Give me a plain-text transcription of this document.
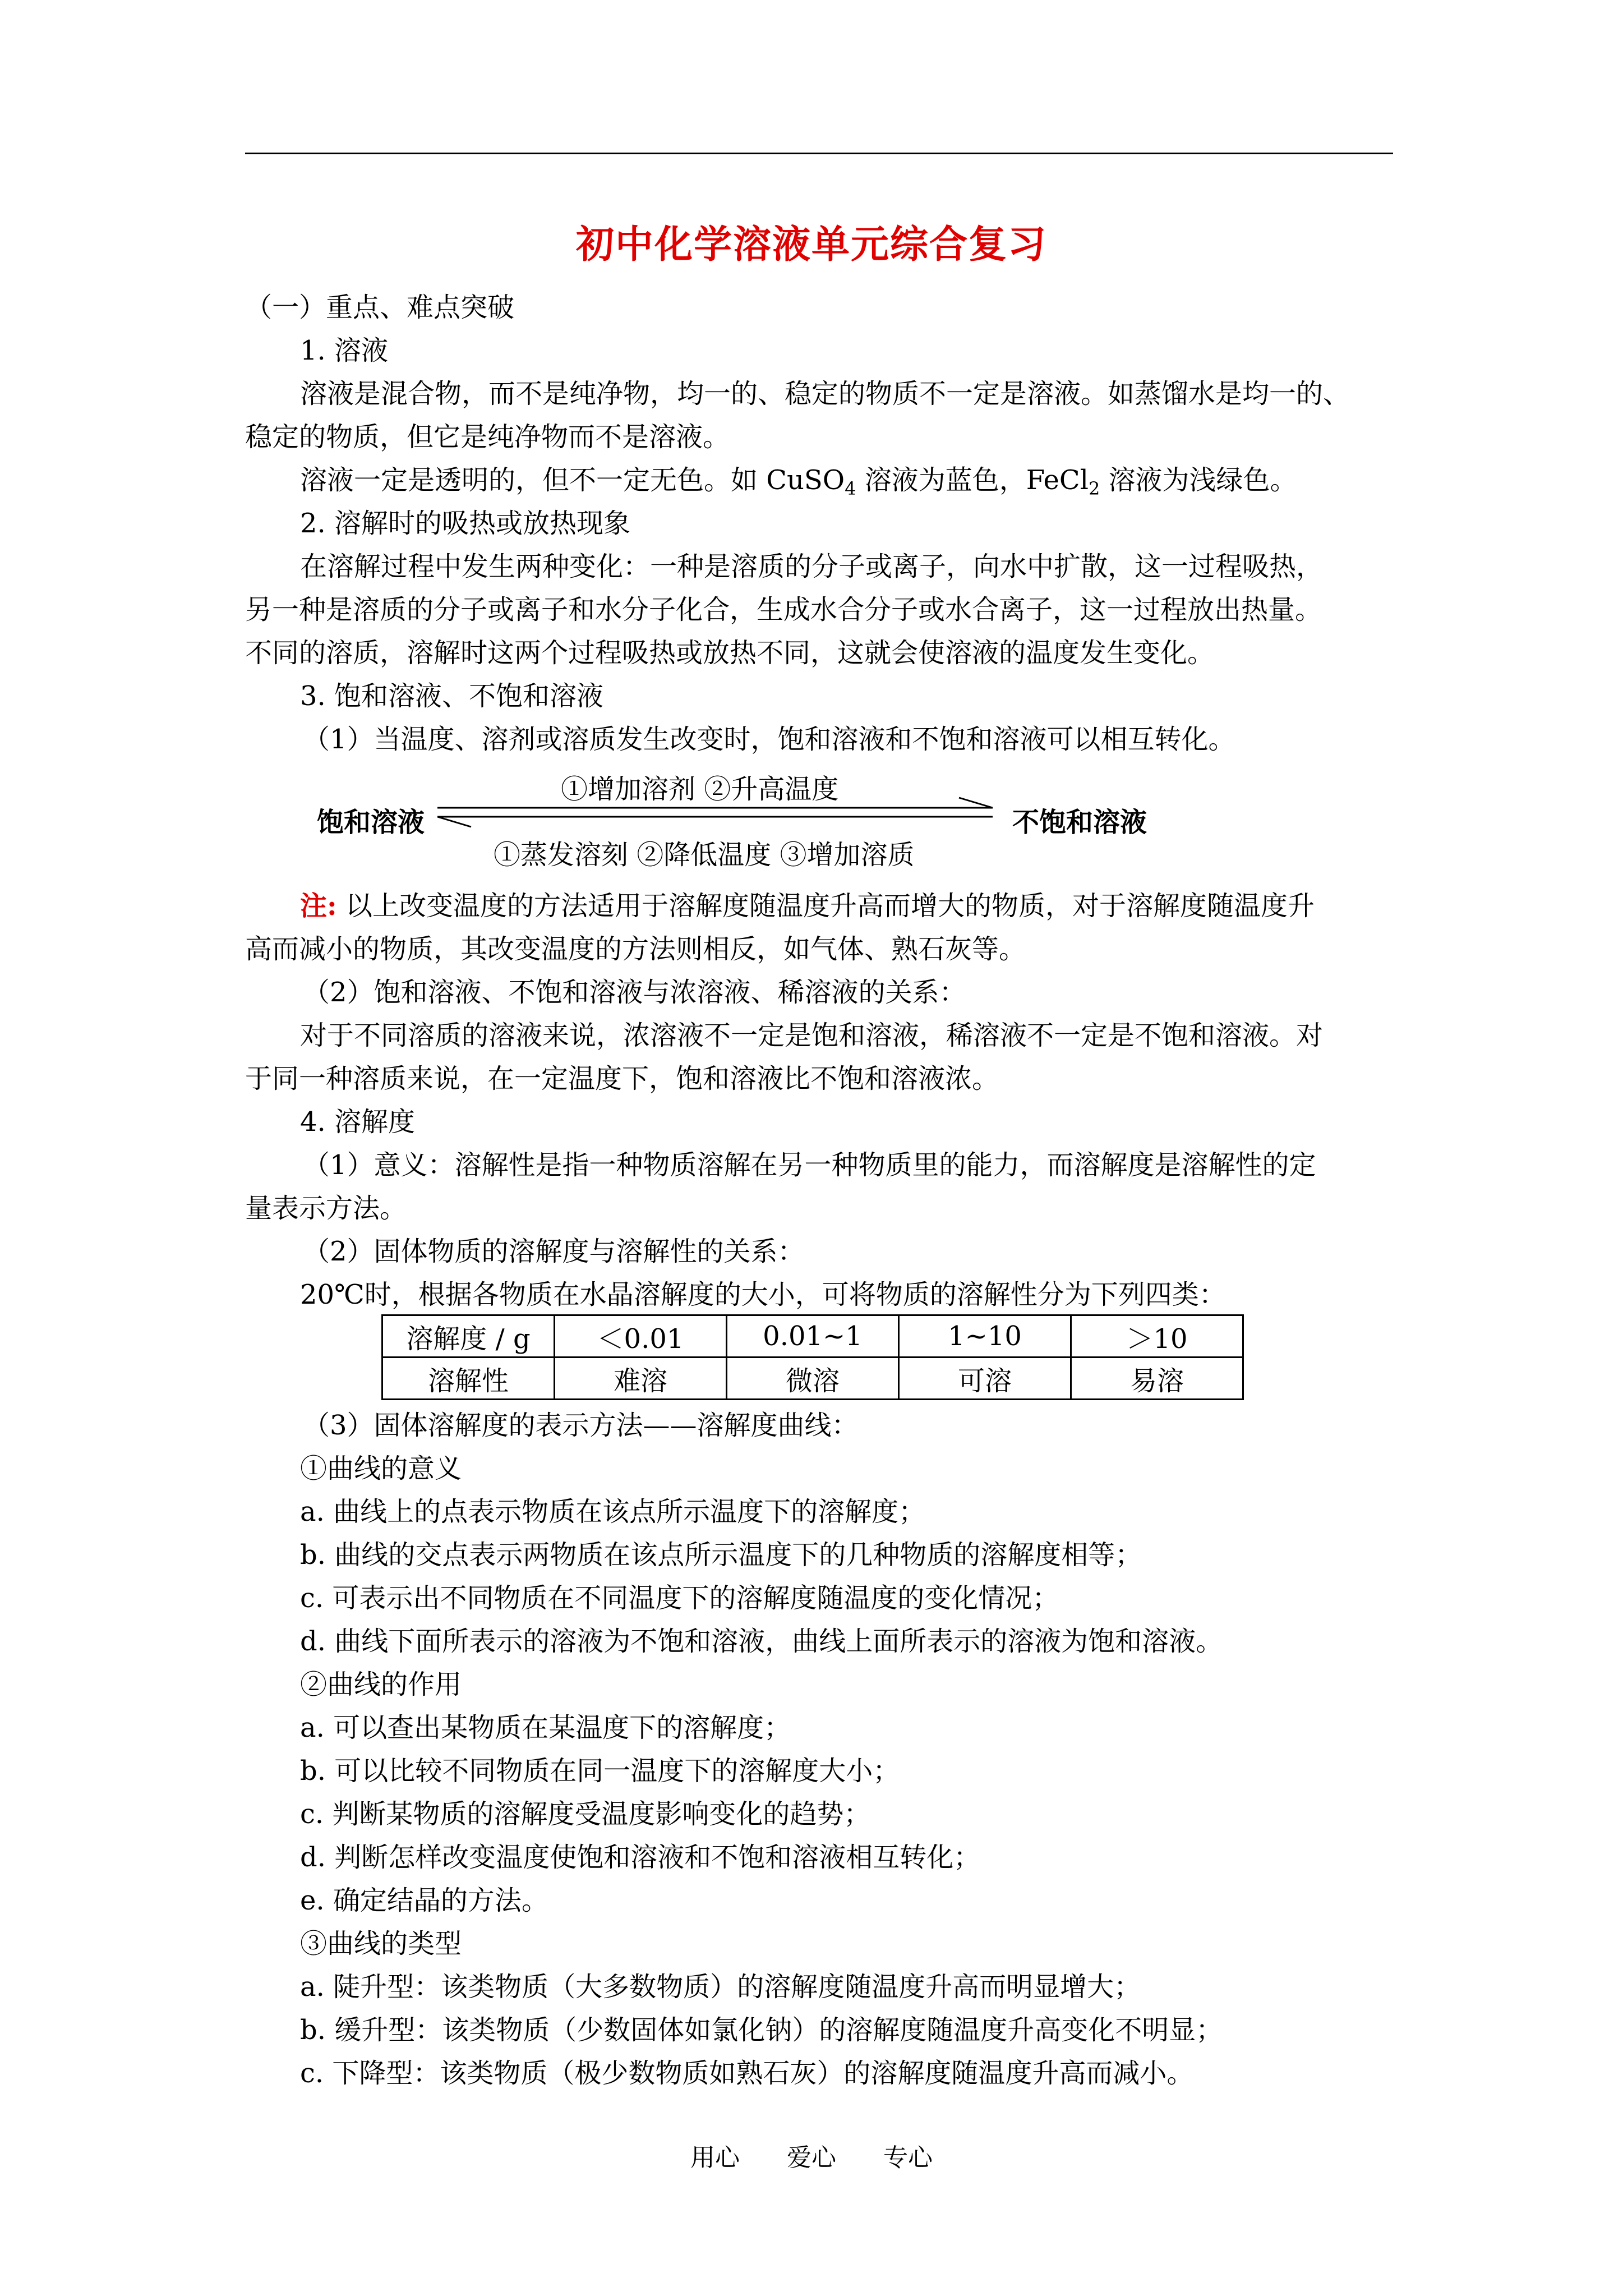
初中化学溶液单元综合复习
（一）重点、难点突破
1. 溶液
溶液是混合物，而不是纯净物，均一的、稳定的物质不一定是溶液。如蒸馏水是均一的、
稳定的物质，但它是纯净物而不是溶液。
溶液一定是透明的，但不一定无色。如 CuSO$_4$ 溶液为蓝色，FeCl$_2$ 溶液为浅绿色。
2. 溶解时的吸热或放热现象
在溶解过程中发生两种变化：一种是溶质的分子或离子，向水中扩散，这一过程吸热，
另一种是溶质的分子或离子和水分子化合，生成水合分子或水合离子，这一过程放出热量。
不同的溶质，溶解时这两个过程吸热或放热不同，这就会使溶液的温度发生变化。
3. 饱和溶液、不饱和溶液
（1）当温度、溶剂或溶质发生改变时，饱和溶液和不饱和溶液可以相互转化。
①增加溶剂 ②升高温度
饱和溶液	不饱和溶液
①蒸发溶刻 ②降低温度 ③增加溶质
注: 以上改变温度的方法适用于溶解度随温度升高而增大的物质，对于溶解度随温度升
高而减小的物质，其改变温度的方法则相反，如气体、熟石灰等。
（2）饱和溶液、不饱和溶液与浓溶液、稀溶液的关系：
对于不同溶质的溶液来说，浓溶液不一定是饱和溶液，稀溶液不一定是不饱和溶液。对
于同一种溶质来说，在一定温度下，饱和溶液比不饱和溶液浓。
4. 溶解度
（1）意义：溶解性是指一种物质溶解在另一种物质里的能力，而溶解度是溶解性的定
量表示方法。
（2）固体物质的溶解度与溶解性的关系：
20℃时，根据各物质在水晶溶解度的大小，可将物质的溶解性分为下列四类：
溶解度 / g	＜0.01	0.01~1	1~10	＞10
溶解性	难溶	微溶	可溶	易溶
（3）固体溶解度的表示方法——溶解度曲线：
①曲线的意义
a. 曲线上的点表示物质在该点所示温度下的溶解度；
b. 曲线的交点表示两物质在该点所示温度下的几种物质的溶解度相等；
c. 可表示出不同物质在不同温度下的溶解度随温度的变化情况；
d. 曲线下面所表示的溶液为不饱和溶液，曲线上面所表示的溶液为饱和溶液。
②曲线的作用
a. 可以查出某物质在某温度下的溶解度；
b. 可以比较不同物质在同一温度下的溶解度大小；
c. 判断某物质的溶解度受温度影响变化的趋势；
d. 判断怎样改变温度使饱和溶液和不饱和溶液相互转化；
e. 确定结晶的方法。
③曲线的类型
a. 陡升型：该类物质（大多数物质）的溶解度随温度升高而明显增大；
b. 缓升型：该类物质（少数固体如氯化钠）的溶解度随温度升高变化不明显；
c. 下降型：该类物质（极少数物质如熟石灰）的溶解度随温度升高而减小。
用心 爱心 专心
